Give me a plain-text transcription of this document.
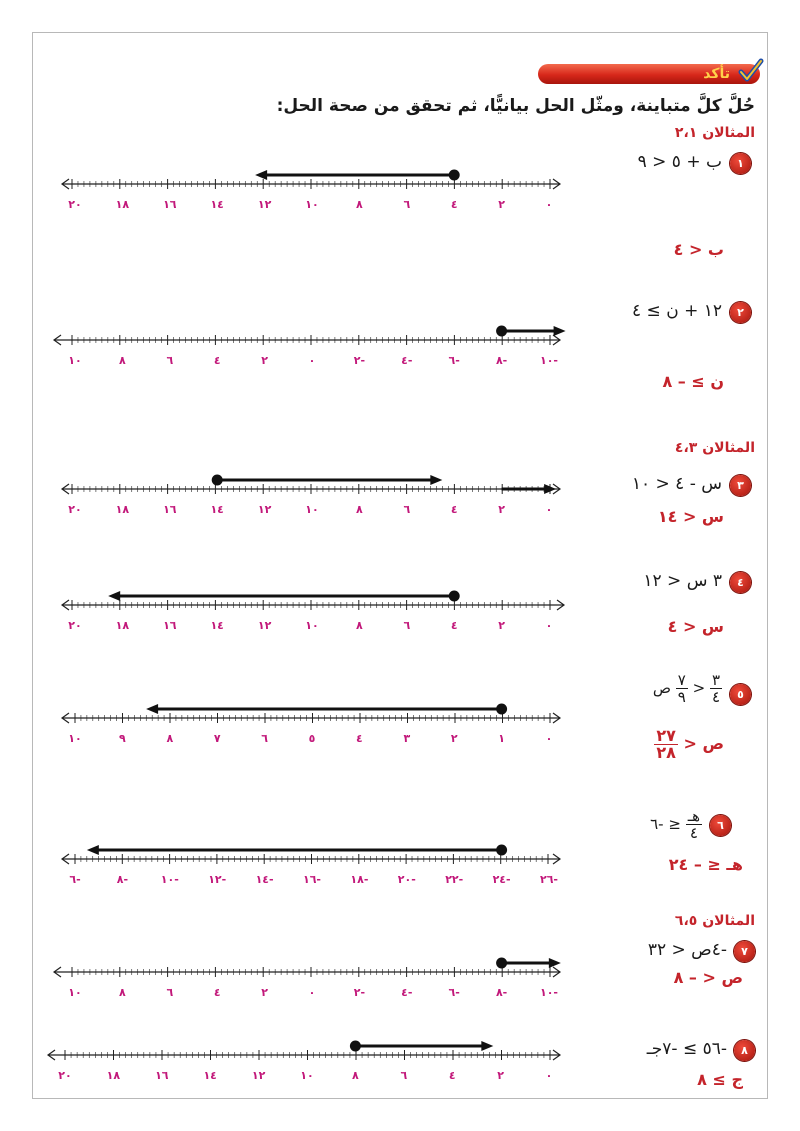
تأكد
حُلَّ كلَّ متباينة، ومثّل الحل بيانيًّا، ثم تحقق من صحة الحل:
المثالان ٢،١
المثالان ٤،٣
المثالان ٦،٥
١
ب + ٥ < ٩
ب < ٤
٢
١٢ + ن ≥ ٤
ن ≥ – ٨
٣
س - ٤ < ١٠
س < ١٤
٤
٣ س < ١٢
س < ٤
٥
$\frac{٣}{٤}$
<
$\frac{٧}{٩}$
ص
ص <
$\frac{٢٧}{٢٨}$
٦
$\frac{\text{هـ}}{٤}$
≤ -٦
هـ ≤ – ٢٤
٧
-٤ص < ٣٢
ص < – ٨
٨
-٥٦ ≥ -٧جـ
ج ≥ ٨
٠
٢
٤
٦
٨
١٠
١٢
١٤
١٦
١٨
٢٠
-١٠
-٨
-٦
-٤
-٢
٠
٢
٤
٦
٨
١٠
٠
٢
٤
٦
٨
١٠
١٢
١٤
١٦
١٨
٢٠
٠
٢
٤
٦
٨
١٠
١٢
١٤
١٦
١٨
٢٠
٠
١
٢
٣
٤
٥
٦
٧
٨
٩
١٠
-٢٦
-٢٤
-٢٢
-٢٠
-١٨
-١٦
-١٤
-١٢
-١٠
-٨
-٦
-١٠
-٨
-٦
-٤
-٢
٠
٢
٤
٦
٨
١٠
٠
٢
٤
٦
٨
١٠
١٢
١٤
١٦
١٨
٢٠
